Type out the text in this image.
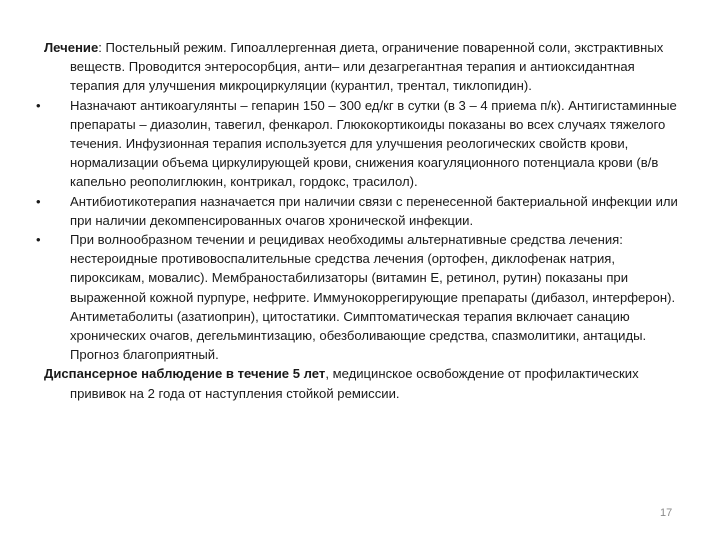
Лечение: Постельный режим. Гипоаллергенная диета, ограничение поваренной соли, экстрактивных веществ. Проводится энтеросорбция, анти– или дезагрегантная терапия и антиоксидантная терапия для улучшения микроциркуляции (курантил, трентал, тиклопидин).

•	Назначают антикоагулянты – гепарин 150 – 300 ед/кг в сутки (в 3 – 4 приема п/к). Антигистаминные препараты – диазолин, тавегил, фенкарол. Глюкокортикоиды показаны во всех случаях тяжелого течения. Инфузионная терапия используется для улучшения реологических свойств крови, нормализации объема циркулирующей крови, снижения коагуляционного потенциала крови (в/в капельно реополиглюкин, контрикал, гордокс, трасилол).

•	Антибиотикотерапия назначается при наличии связи с перенесенной бактериальной инфекции или при наличии декомпенсированных очагов хронической инфекции.

•	При волнообразном течении и рецидивах необходимы альтернативные средства лечения: нестероидные противовоспалительные средства лечения (ортофен, диклофенак натрия, пироксикам, мовалис). Мембраностабилизаторы (витамин Е, ретинол, рутин) показаны при выраженной кожной пурпуре, нефрите. Иммунокоррегирующие препараты (дибазол, интерферон). Антиметаболиты (азатиоприн), цитостатики. Симптоматическая терапия включает санацию хронических очагов, дегельминтизацию, обезболивающие средства, спазмолитики, антациды. Прогноз благоприятный.

Диспансерное наблюдение в течение 5 лет, медицинское освобождение от профилактических прививок на 2 года от наступления стойкой ремиссии.

17
